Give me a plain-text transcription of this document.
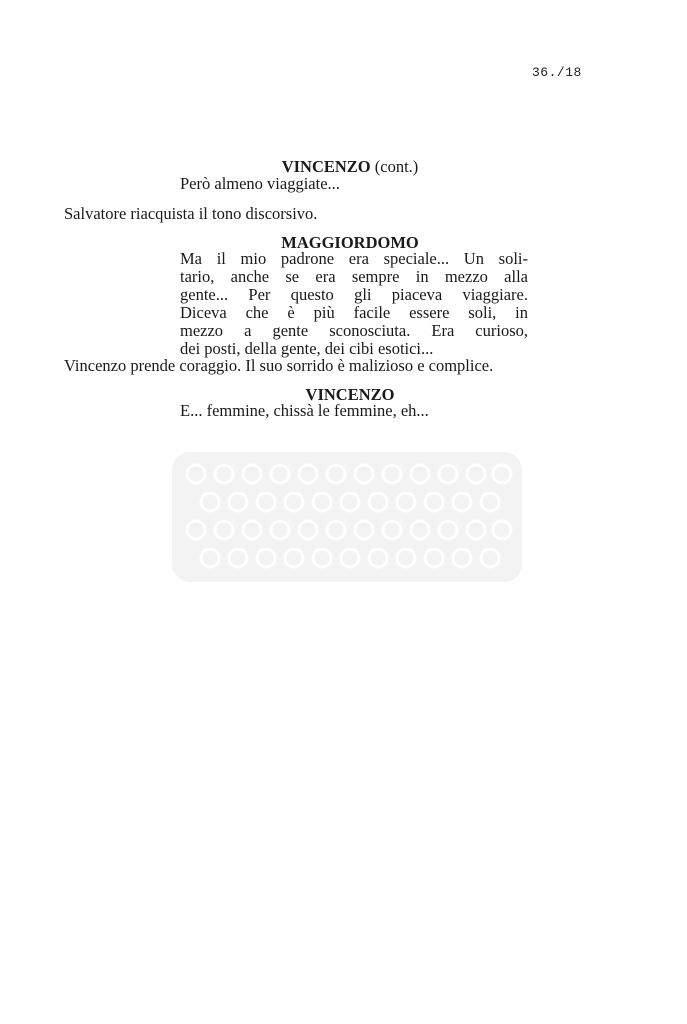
36./18
VINCENZO (cont.)
Però almeno viaggiate...
Salvatore riacquista il tono discorsivo.
MAGGIORDOMO
Ma il mio padrone era speciale... Un soli-
tario, anche se era sempre in mezzo alla
gente... Per questo gli piaceva viaggiare.
Diceva che è più facile essere soli, in
mezzo a gente sconosciuta. Era curioso,
dei posti, della gente, dei cibi esotici...
Vincenzo prende coraggio. Il suo sorrido è malizioso e complice.
VINCENZO
E... femmine, chissà le femmine, eh...
